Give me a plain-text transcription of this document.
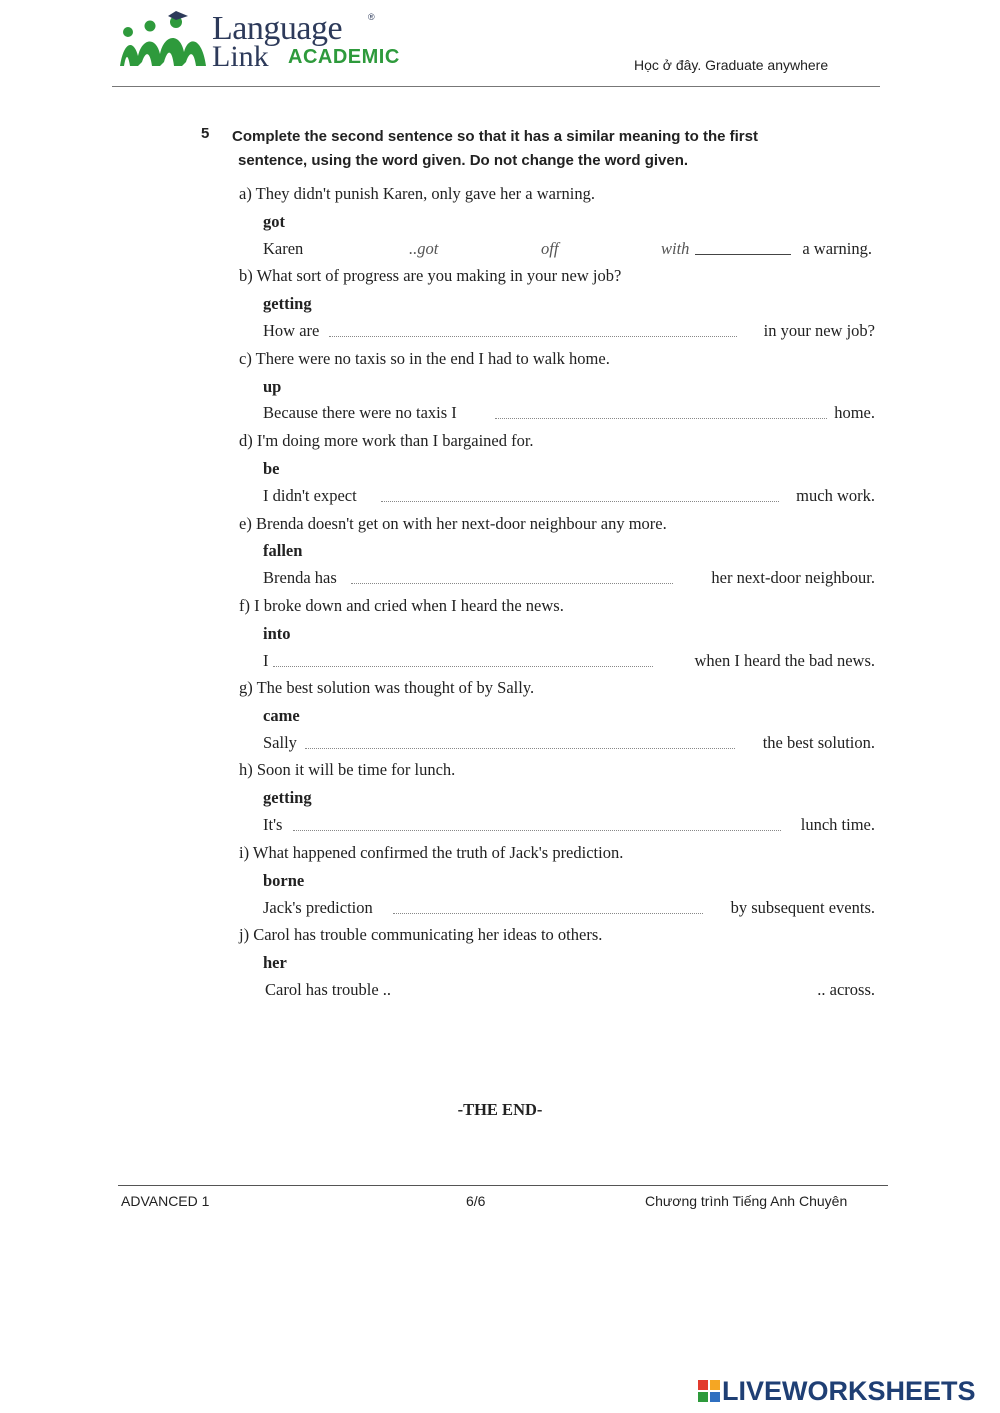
Language	®
Link ACADEMIC	Học ở đây. Graduate anywhere
5 Complete the second sentence so that it has a similar meaning to the first
sentence, using the word given. Do not change the word given.
a) They didn't punish Karen, only gave her a warning.
got
Karen	..got	off	with	a warning.
b) What sort of progress are you making in your new job?
getting
How are	in your new job?
c) There were no taxis so in the end I had to walk home.
up
Because there were no taxis I	home.
d) I'm doing more work than I bargained for.
be
I didn't expect	much work.
e) Brenda doesn't get on with her next-door neighbour any more.
fallen
Brenda has	her next-door neighbour.
f) I broke down and cried when I heard the news.
into
I	when I heard the bad news.
g) The best solution was thought of by Sally.
came
Sally	the best solution.
h) Soon it will be time for lunch.
getting
It's	lunch time.
i) What happened confirmed the truth of Jack's prediction.
borne
Jack's prediction	by subsequent events.
j) Carol has trouble communicating her ideas to others.
her
Carol has trouble ..	.. across.
-THE END-
ADVANCED 1	6/6	Chương trình Tiếng Anh Chuyên
LIVEWORKSHEETS
